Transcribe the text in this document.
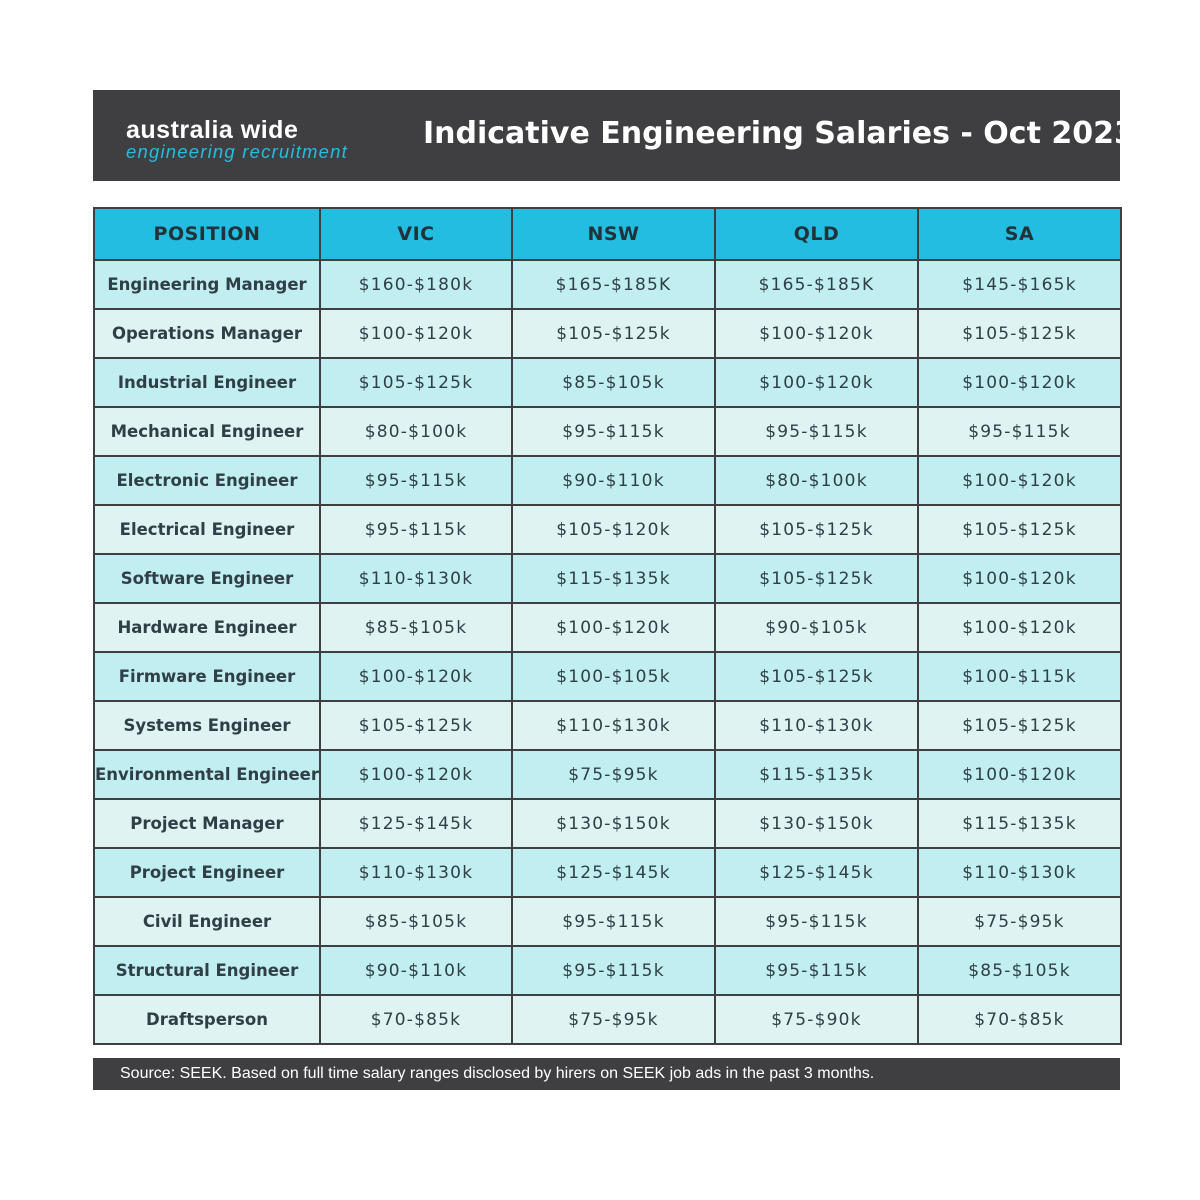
australia wide
engineering recruitment
Indicative Engineering Salaries - Oct 2023
POSITION	VIC	NSW	QLD	SA
Engineering Manager	$160-$180k	$165-$185K	$165-$185K	$145-$165k
Operations Manager	$100-$120k	$105-$125k	$100-$120k	$105-$125k
Industrial Engineer	$105-$125k	$85-$105k	$100-$120k	$100-$120k
Mechanical Engineer	$80-$100k	$95-$115k	$95-$115k	$95-$115k
Electronic Engineer	$95-$115k	$90-$110k	$80-$100k	$100-$120k
Electrical Engineer	$95-$115k	$105-$120k	$105-$125k	$105-$125k
Software Engineer	$110-$130k	$115-$135k	$105-$125k	$100-$120k
Hardware Engineer	$85-$105k	$100-$120k	$90-$105k	$100-$120k
Firmware Engineer	$100-$120k	$100-$105k	$105-$125k	$100-$115k
Systems Engineer	$105-$125k	$110-$130k	$110-$130k	$105-$125k
Environmental Engineer	$100-$120k	$75-$95k	$115-$135k	$100-$120k
Project Manager	$125-$145k	$130-$150k	$130-$150k	$115-$135k
Project Engineer	$110-$130k	$125-$145k	$125-$145k	$110-$130k
Civil Engineer	$85-$105k	$95-$115k	$95-$115k	$75-$95k
Structural Engineer	$90-$110k	$95-$115k	$95-$115k	$85-$105k
Draftsperson	$70-$85k	$75-$95k	$75-$90k	$70-$85k
Source: SEEK. Based on full time salary ranges disclosed by hirers on SEEK job ads in the past 3 months.
